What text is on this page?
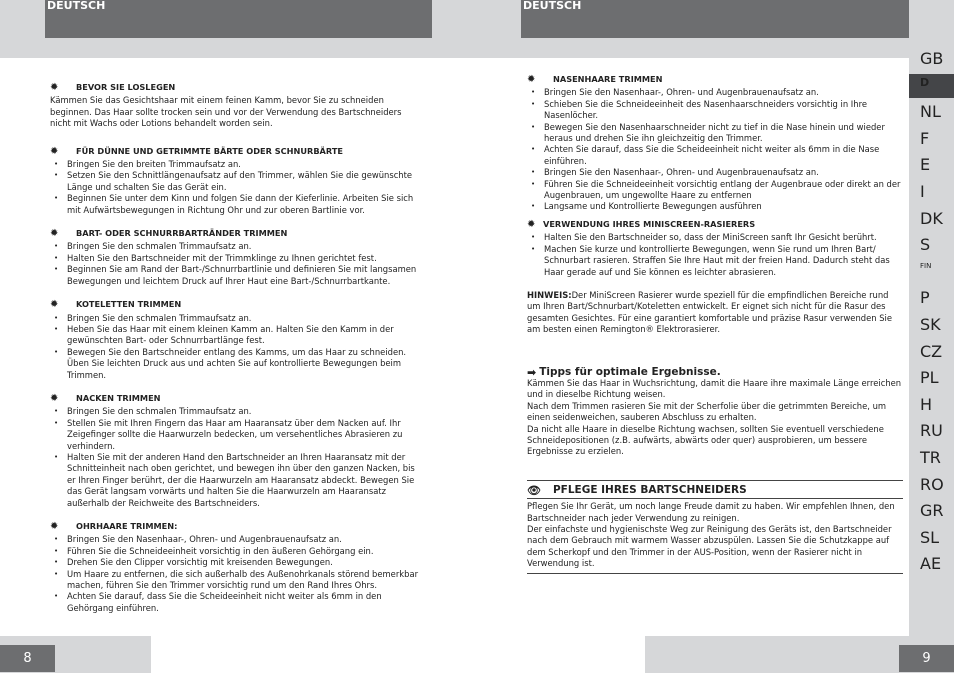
DEUTSCH	DEUTSCH
✹	BEVOR SIE LOSLEGEN

Kämmen Sie das Gesichtshaar mit einem feinen Kamm, bevor Sie zu schneiden beginnen. Das Haar sollte trocken sein und vor der Verwendung des Bartschneiders nicht mit Wachs oder Lotions behandelt worden sein.

✹	FÜR DÜNNE UND GETRIMMTE BÄRTE ODER SCHNURBÄRTE
• Bringen Sie den breiten Trimmaufsatz an.
• Setzen Sie den Schnittlängenaufsatz auf den Trimmer, wählen Sie die gewünschte Länge und schalten Sie das Gerät ein.
• Beginnen Sie unter dem Kinn und folgen Sie dann der Kieferlinie. Arbeiten Sie sich mit Aufwärtsbewegungen in Richtung Ohr und zur oberen Bartlinie vor.
✹	BART- ODER SCHNURRBARTRÄNDER TRIMMEN
• Bringen Sie den schmalen Trimmaufsatz an.
• Halten Sie den Bartschneider mit der Trimmklinge zu Ihnen gerichtet fest.
• Beginnen Sie am Rand der Bart-/Schnurrbartlinie und definieren Sie mit langsamen Bewegungen und leichtem Druck auf Ihrer Haut eine Bart-/Schnurrbartkante.
✹	KOTELETTEN TRIMMEN
• Bringen Sie den schmalen Trimmaufsatz an.
• Heben Sie das Haar mit einem kleinen Kamm an. Halten Sie den Kamm in der gewünschten Bart- oder Schnurrbartlänge fest.
• Bewegen Sie den Bartschneider entlang des Kamms, um das Haar zu schneiden. Üben Sie leichten Druck aus und achten Sie auf kontrollierte Bewegungen beim Trimmen.
✹	NACKEN TRIMMEN
• Bringen Sie den schmalen Trimmaufsatz an.
• Stellen Sie mit Ihren Fingern das Haar am Haaransatz über dem Nacken auf. Ihr Zeigefinger sollte die Haarwurzeln bedecken, um versehentliches Abrasieren zu verhindern.
• Halten Sie mit der anderen Hand den Bartschneider an Ihren Haaransatz mit der Schnitteinheit nach oben gerichtet, und bewegen ihn über den ganzen Nacken, bis er Ihren Finger berührt, der die Haarwurzeln am Haaransatz abdeckt. Bewegen Sie das Gerät langsam vorwärts und halten Sie die Haarwurzeln am Haaransatz außerhalb der Reichweite des Bartschneiders.
✹	OHRHAARE TRIMMEN:
• Bringen Sie den Nasenhaar-, Ohren- und Augenbrauenaufsatz an.
• Führen Sie die Schneideeinheit vorsichtig in den äußeren Gehörgang ein.
• Drehen Sie den Clipper vorsichtig mit kreisenden Bewegungen.
• Um Haare zu entfernen, die sich außerhalb des Außenohrkanals störend bemerkbar machen, führen Sie den Trimmer vorsichtig rund um den Rand Ihres Ohrs.
• Achten Sie darauf, dass Sie die Scheideeinheit nicht weiter als 6mm in den Gehörgang einführen.
✹	NASENHAARE TRIMMEN
• Bringen Sie den Nasenhaar-, Ohren- und Augenbrauenaufsatz an.
• Schieben Sie die Schneideeinheit des Nasenhaarschneiders vorsichtig in Ihre Nasenlöcher.
• Bewegen Sie den Nasenhaarschneider nicht zu tief in die Nase hinein und wieder heraus und drehen Sie ihn gleichzeitig den Trimmer.
• Achten Sie darauf, dass Sie die Scheideeinheit nicht weiter als 6mm in die Nase einführen.
• Bringen Sie den Nasenhaar-, Ohren- und Augenbrauenaufsatz an.
• Führen Sie die Schneideeinheit vorsichtig entlang der Augenbraue oder direkt an der Augenbrauen, um ungewollte Haare zu entfernen
• Langsame und Kontrollierte Bewegungen ausführen
✹ VERWENDUNG IHRES MINISCREEN-RASIERERS
• Halten Sie den Bartschneider so, dass der MiniScreen sanft Ihr Gesicht berührt.
• Machen Sie kurze und kontrollierte Bewegungen, wenn Sie rund um Ihren Bart/ Schnurbart rasieren. Straffen Sie Ihre Haut mit der freien Hand. Dadurch steht das Haar gerade auf und Sie können es leichter abrasieren.

HINWEIS:Der MiniScreen Rasierer wurde speziell für die empfindlichen Bereiche rund um Ihren Bart/Schnurbart/Koteletten entwickelt. Er eignet sich nicht für die Rasur des gesamten Gesichtes. Für eine garantiert komfortable und präzise Rasur verwenden Sie am besten einen Remington® Elektrorasierer.

➡ Tipps für optimale Ergebnisse.

Kämmen Sie das Haar in Wuchsrichtung, damit die Haare ihre maximale Länge erreichen und in dieselbe Richtung weisen.

Nach dem Trimmen rasieren Sie mit der Scherfolie über die getrimmten Bereiche, um einen seidenweichen, sauberen Abschluss zu erhalten.

Da nicht alle Haare in dieselbe Richtung wachsen, sollten Sie eventuell verschiedene Schneidepositionen (z.B. aufwärts, abwärts oder quer) ausprobieren, um bessere Ergebnisse zu erzielen.

👁 PFLEGE IHRES BARTSCHNEIDERS

Pflegen Sie Ihr Gerät, um noch lange Freude damit zu haben. Wir empfehlen Ihnen, den Bartschneider nach jeder Verwendung zu reinigen.

Der einfachste und hygienischste Weg zur Reinigung des Geräts ist, den Bartschneider nach dem Gebrauch mit warmem Wasser abzuspülen. Lassen Sie die Schutzkappe auf dem Scherkopf und den Trimmer in der AUS-Position, wenn der Rasierer nicht in Verwendung ist.

GB
D
NL
F
E
I
DK
S
FIN
P
SK
CZ
PL
H
RU
TR
RO
GR
SL
AE
8	9
